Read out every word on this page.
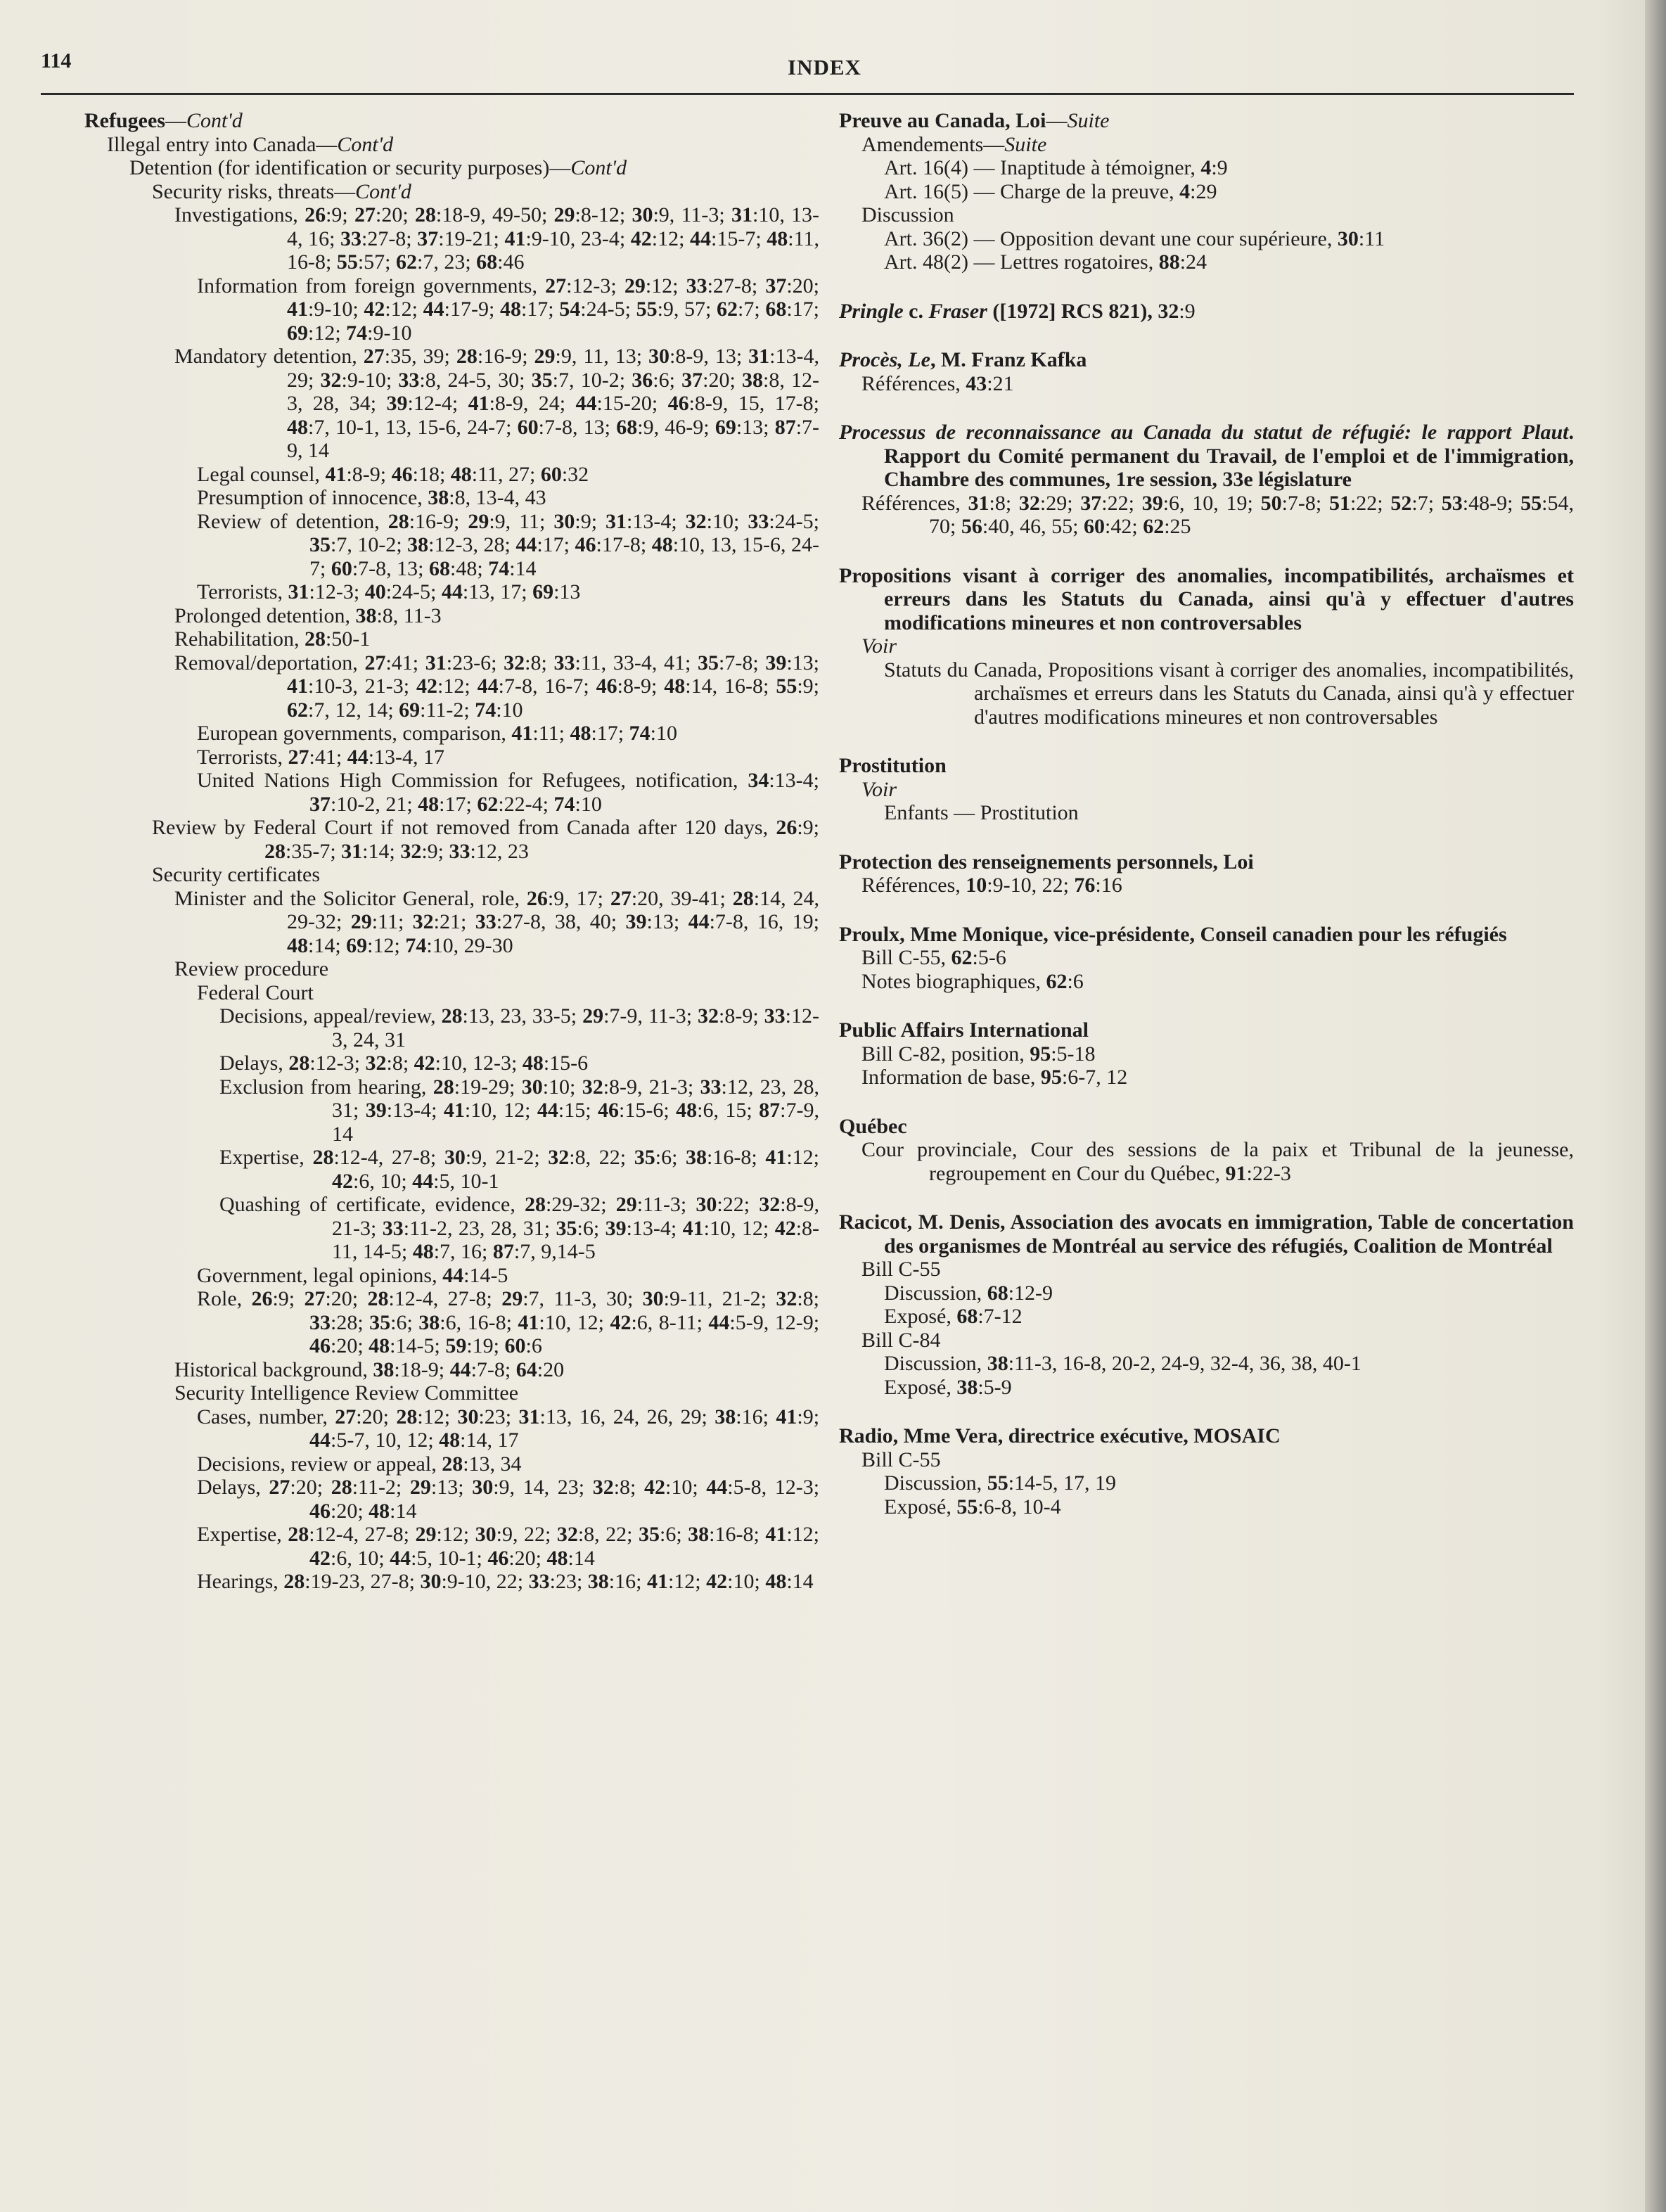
114	INDEX
Refugees—Cont'd
Illegal entry into Canada—Cont'd
Detention (for identification or security purposes)—Cont'd
Security risks, threats—Cont'd
Investigations, 26:9; 27:20; 28:18-9, 49-50; 29:8-12; 30:9, 11-3; 31:10, 13-4, 16; 33:27-8; 37:19-21; 41:9-10, 23-4; 42:12; 44:15-7; 48:11, 16-8; 55:57; 62:7, 23; 68:46
Information from foreign governments, 27:12-3; 29:12; 33:27-8; 37:20; 41:9-10; 42:12; 44:17-9; 48:17; 54:24-5; 55:9, 57; 62:7; 68:17; 69:12; 74:9-10
Mandatory detention, 27:35, 39; 28:16-9; 29:9, 11, 13; 30:8-9, 13; 31:13-4, 29; 32:9-10; 33:8, 24-5, 30; 35:7, 10-2; 36:6; 37:20; 38:8, 12-3, 28, 34; 39:12-4; 41:8-9, 24; 44:15-20; 46:8-9, 15, 17-8; 48:7, 10-1, 13, 15-6, 24-7; 60:7-8, 13; 68:9, 46-9; 69:13; 87:7-9, 14
Legal counsel, 41:8-9; 46:18; 48:11, 27; 60:32
Presumption of innocence, 38:8, 13-4, 43
Review of detention, 28:16-9; 29:9, 11; 30:9; 31:13-4; 32:10; 33:24-5; 35:7, 10-2; 38:12-3, 28; 44:17; 46:17-8; 48:10, 13, 15-6, 24-7; 60:7-8, 13; 68:48; 74:14
Terrorists, 31:12-3; 40:24-5; 44:13, 17; 69:13
Prolonged detention, 38:8, 11-3
Rehabilitation, 28:50-1
Removal/deportation, 27:41; 31:23-6; 32:8; 33:11, 33-4, 41; 35:7-8; 39:13; 41:10-3, 21-3; 42:12; 44:7-8, 16-7; 46:8-9; 48:14, 16-8; 55:9; 62:7, 12, 14; 69:11-2; 74:10
European governments, comparison, 41:11; 48:17; 74:10
Terrorists, 27:41; 44:13-4, 17
United Nations High Commission for Refugees, notification, 34:13-4; 37:10-2, 21; 48:17; 62:22-4; 74:10
Review by Federal Court if not removed from Canada after 120 days, 26:9; 28:35-7; 31:14; 32:9; 33:12, 23
Security certificates
Minister and the Solicitor General, role, 26:9, 17; 27:20, 39-41; 28:14, 24, 29-32; 29:11; 32:21; 33:27-8, 38, 40; 39:13; 44:7-8, 16, 19; 48:14; 69:12; 74:10, 29-30
Review procedure
Federal Court
Decisions, appeal/review, 28:13, 23, 33-5; 29:7-9, 11-3; 32:8-9; 33:12-3, 24, 31
Delays, 28:12-3; 32:8; 42:10, 12-3; 48:15-6
Exclusion from hearing, 28:19-29; 30:10; 32:8-9, 21-3; 33:12, 23, 28, 31; 39:13-4; 41:10, 12; 44:15; 46:15-6; 48:6, 15; 87:7-9, 14
Expertise, 28:12-4, 27-8; 30:9, 21-2; 32:8, 22; 35:6; 38:16-8; 41:12; 42:6, 10; 44:5, 10-1
Quashing of certificate, evidence, 28:29-32; 29:11-3; 30:22; 32:8-9, 21-3; 33:11-2, 23, 28, 31; 35:6; 39:13-4; 41:10, 12; 42:8-11, 14-5; 48:7, 16; 87:7, 9,14-5
Government, legal opinions, 44:14-5
Role, 26:9; 27:20; 28:12-4, 27-8; 29:7, 11-3, 30; 30:9-11, 21-2; 32:8; 33:28; 35:6; 38:6, 16-8; 41:10, 12; 42:6, 8-11; 44:5-9, 12-9; 46:20; 48:14-5; 59:19; 60:6
Historical background, 38:18-9; 44:7-8; 64:20
Security Intelligence Review Committee
Cases, number, 27:20; 28:12; 30:23; 31:13, 16, 24, 26, 29; 38:16; 41:9; 44:5-7, 10, 12; 48:14, 17
Decisions, review or appeal, 28:13, 34
Delays, 27:20; 28:11-2; 29:13; 30:9, 14, 23; 32:8; 42:10; 44:5-8, 12-3; 46:20; 48:14
Expertise, 28:12-4, 27-8; 29:12; 30:9, 22; 32:8, 22; 35:6; 38:16-8; 41:12; 42:6, 10; 44:5, 10-1; 46:20; 48:14
Hearings, 28:19-23, 27-8; 30:9-10, 22; 33:23; 38:16; 41:12; 42:10; 48:14
Preuve au Canada, Loi—Suite
Amendements—Suite
Art. 16(4) — Inaptitude à témoigner, 4:9
Art. 16(5) — Charge de la preuve, 4:29
Discussion
Art. 36(2) — Opposition devant une cour supérieure, 30:11
Art. 48(2) — Lettres rogatoires, 88:24
Pringle c. Fraser ([1972] RCS 821), 32:9
Procès, Le, M. Franz Kafka
Références, 43:21
Processus de reconnaissance au Canada du statut de réfugié: le rapport Plaut. Rapport du Comité permanent du Travail, de l'emploi et de l'immigration, Chambre des communes, 1re session, 33e législature
Références, 31:8; 32:29; 37:22; 39:6, 10, 19; 50:7-8; 51:22; 52:7; 53:48-9; 55:54, 70; 56:40, 46, 55; 60:42; 62:25
Propositions visant à corriger des anomalies, incompatibilités, archaïsmes et erreurs dans les Statuts du Canada, ainsi qu'à y effectuer d'autres modifications mineures et non controversables
Voir
Statuts du Canada, Propositions visant à corriger des anomalies, incompatibilités, archaïsmes et erreurs dans les Statuts du Canada, ainsi qu'à y effectuer d'autres modifications mineures et non controversables
Prostitution
Voir
Enfants — Prostitution
Protection des renseignements personnels, Loi
Références, 10:9-10, 22; 76:16
Proulx, Mme Monique, vice-présidente, Conseil canadien pour les réfugiés
Bill C-55, 62:5-6
Notes biographiques, 62:6
Public Affairs International
Bill C-82, position, 95:5-18
Information de base, 95:6-7, 12
Québec
Cour provinciale, Cour des sessions de la paix et Tribunal de la jeunesse, regroupement en Cour du Québec, 91:22-3
Racicot, M. Denis, Association des avocats en immigration, Table de concertation des organismes de Montréal au service des réfugiés, Coalition de Montréal
Bill C-55
Discussion, 68:12-9
Exposé, 68:7-12
Bill C-84
Discussion, 38:11-3, 16-8, 20-2, 24-9, 32-4, 36, 38, 40-1
Exposé, 38:5-9
Radio, Mme Vera, directrice exécutive, MOSAIC
Bill C-55
Discussion, 55:14-5, 17, 19
Exposé, 55:6-8, 10-4
